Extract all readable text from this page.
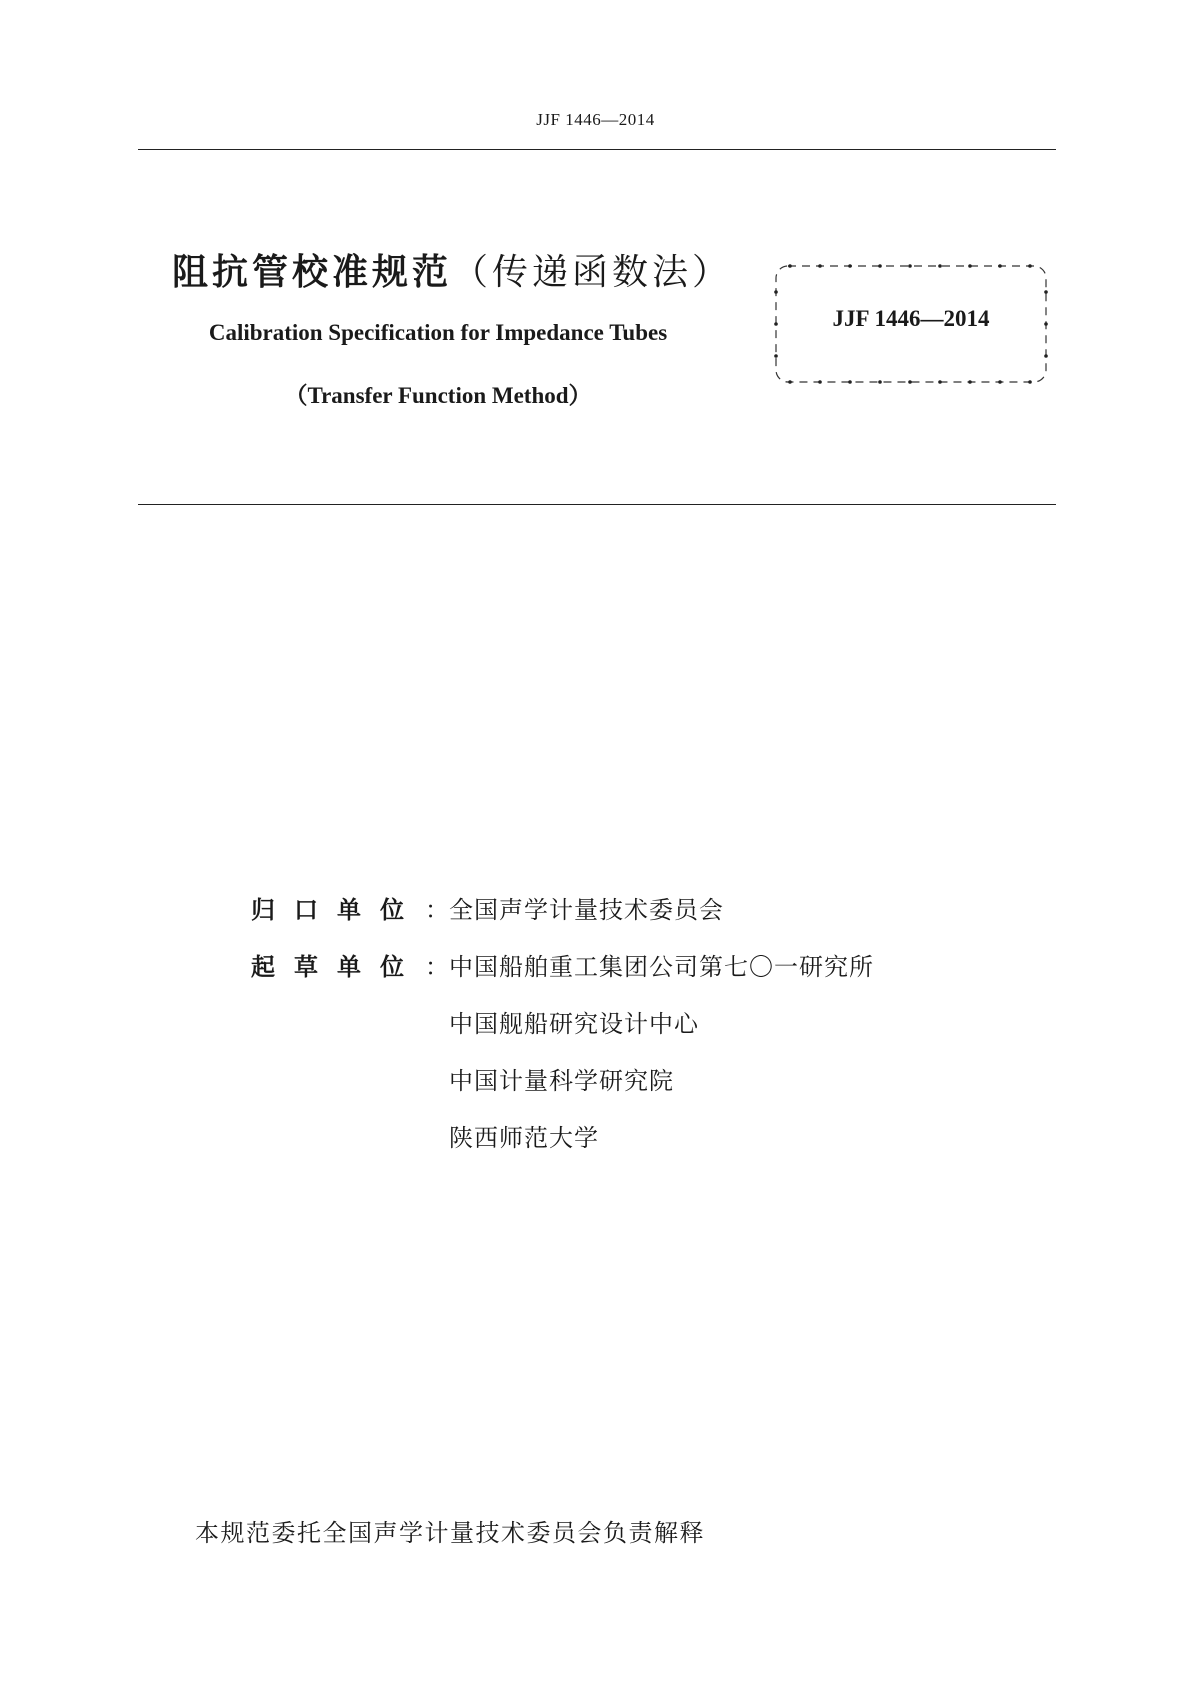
JJF 1446—2014
阻抗管校准规范（传递函数法）
Calibration Specification for Impedance Tubes
（Transfer Function Method）
JJF 1446—2014
归口单位 ： 全国声学计量技术委员会
起草单位 ： 中国船舶重工集团公司第七〇一研究所
中国舰船研究设计中心
中国计量科学研究院
陕西师范大学
本规范委托全国声学计量技术委员会负责解释
